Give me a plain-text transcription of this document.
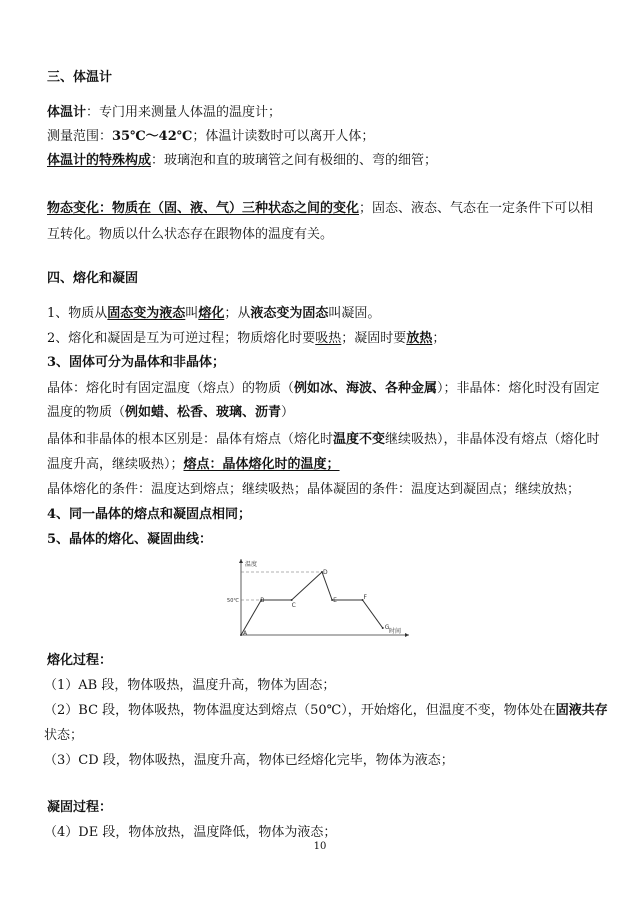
三、体温计
体温计：专门用来测量人体温的温度计；
测量范围：35℃～42℃；体温计读数时可以离开人体；
体温计的特殊构成：玻璃泡和直的玻璃管之间有极细的、弯的细管；
物态变化：物质在（固、液、气）三种状态之间的变化；固态、液态、气态在一定条件下可以相
互转化。物质以什么状态存在跟物体的温度有关。
四、熔化和凝固
1、物质从固态变为液态叫熔化；从液态变为固态叫凝固。
2、熔化和凝固是互为可逆过程；物质熔化时要吸热；凝固时要放热；
3、固体可分为晶体和非晶体；
晶体：熔化时有固定温度（熔点）的物质（例如冰、海波、各种金属）；非晶体：熔化时没有固定
温度的物质（例如蜡、松香、玻璃、沥青）
晶体和非晶体的根本区别是：晶体有熔点（熔化时温度不变继续吸热），非晶体没有熔点（熔化时
温度升高，继续吸热）；熔点：晶体熔化时的温度；
晶体熔化的条件：温度达到熔点；继续吸热；晶体凝固的条件：温度达到凝固点；继续放热；
4、同一晶体的熔点和凝固点相同；
5、晶体的熔化、凝固曲线：
A
B
C
D
E	F
G
温度
时间
50℃
熔化过程：
（1）AB 段，物体吸热，温度升高，物体为固态；
（2）BC 段，物体吸热，物体温度达到熔点（50℃），开始熔化，但温度不变，物体处在固液共存
状态；
（3）CD 段，物体吸热，温度升高，物体已经熔化完毕，物体为液态；
凝固过程：
（4）DE 段，物体放热，温度降低，物体为液态；
10
